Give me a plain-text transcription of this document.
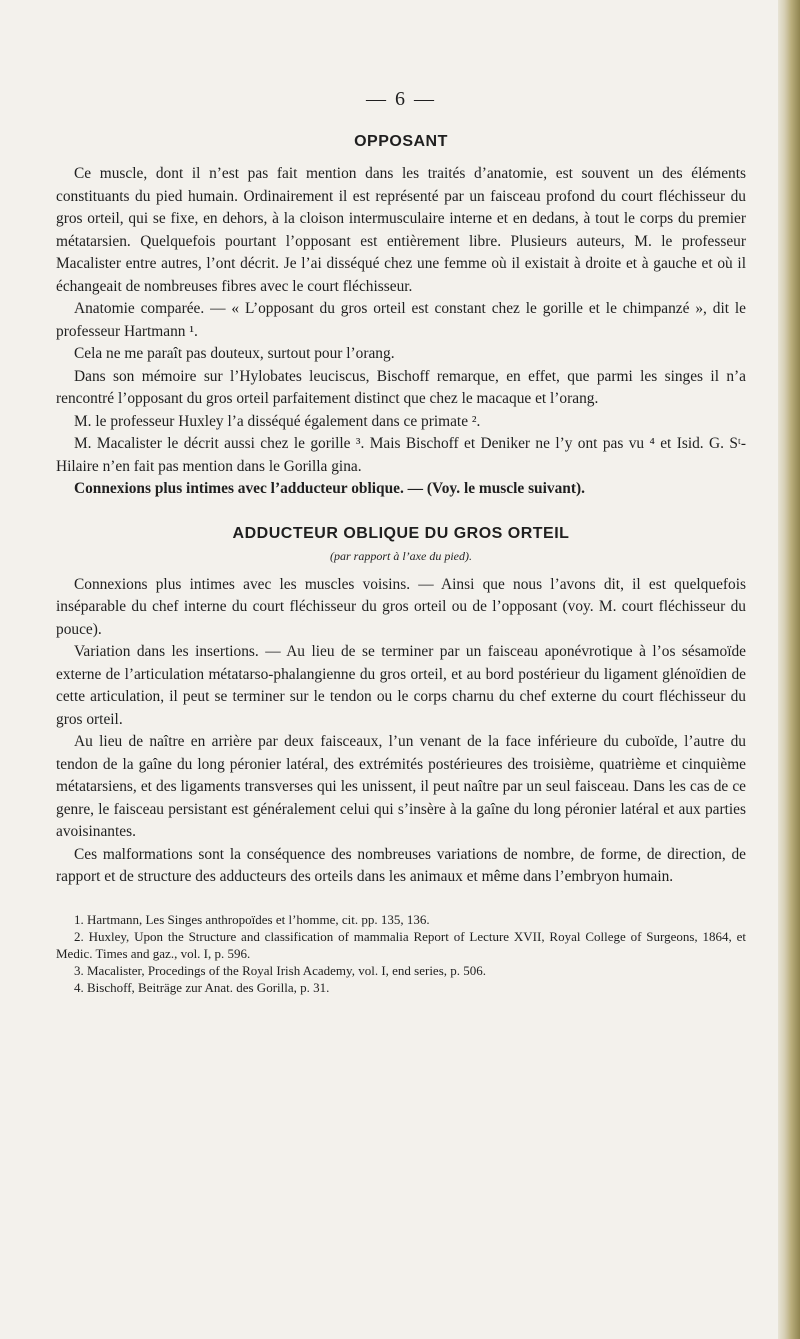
— 6 —
OPPOSANT

Ce muscle, dont il n’est pas fait mention dans les traités d’anatomie, est souvent un des éléments constituants du pied humain. Ordinairement il est représenté par un faisceau profond du court fléchisseur du gros orteil, qui se fixe, en dehors, à la cloison intermusculaire interne et en dedans, à tout le corps du premier métatarsien. Quelquefois pourtant l’opposant est entièrement libre. Plusieurs auteurs, M. le professeur Macalister entre autres, l’ont décrit. Je l’ai disséqué chez une femme où il existait à droite et à gauche et où il échangeait de nombreuses fibres avec le court fléchisseur.

Anatomie comparée. — « L’opposant du gros orteil est constant chez le gorille et le chimpanzé », dit le professeur Hartmann ¹.

Cela ne me paraît pas douteux, surtout pour l’orang.

Dans son mémoire sur l’Hylobates leuciscus, Bischoff remarque, en effet, que parmi les singes il n’a rencontré l’opposant du gros orteil parfaitement distinct que chez le macaque et l’orang.

M. le professeur Huxley l’a disséqué également dans ce primate ².

M. Macalister le décrit aussi chez le gorille ³. Mais Bischoff et Deniker ne l’y ont pas vu ⁴ et Isid. G. Sᵗ-Hilaire n’en fait pas mention dans le Gorilla gina.

Connexions plus intimes avec l’adducteur oblique. — (Voy. le muscle suivant).

ADDUCTEUR OBLIQUE DU GROS ORTEIL
(par rapport à l’axe du pied).

Connexions plus intimes avec les muscles voisins. — Ainsi que nous l’avons dit, il est quelquefois inséparable du chef interne du court fléchisseur du gros orteil ou de l’opposant (voy. M. court fléchisseur du pouce).

Variation dans les insertions. — Au lieu de se terminer par un faisceau aponévrotique à l’os sésamoïde externe de l’articulation métatarso-phalangienne du gros orteil, et au bord postérieur du ligament glénoïdien de cette articulation, il peut se terminer sur le tendon ou le corps charnu du chef externe du court fléchisseur du gros orteil.

Au lieu de naître en arrière par deux faisceaux, l’un venant de la face inférieure du cuboïde, l’autre du tendon de la gaîne du long péronier latéral, des extrémités postérieures des troisième, quatrième et cinquième métatarsiens, et des ligaments transverses qui les unissent, il peut naître par un seul faisceau. Dans les cas de ce genre, le faisceau persistant est généralement celui qui s’insère à la gaîne du long péronier latéral et aux parties avoisinantes.

Ces malformations sont la conséquence des nombreuses variations de nombre, de forme, de direction, de rapport et de structure des adducteurs des orteils dans les animaux et même dans l’embryon humain.

1. Hartmann, Les Singes anthropoïdes et l’homme, cit. pp. 135, 136.

2. Huxley, Upon the Structure and classification of mammalia Report of Lecture XVII, Royal College of Surgeons, 1864, et Medic. Times and gaz., vol. I, p. 596.

3. Macalister, Procedings of the Royal Irish Academy, vol. I, end series, p. 506.

4. Bischoff, Beiträge zur Anat. des Gorilla, p. 31.
